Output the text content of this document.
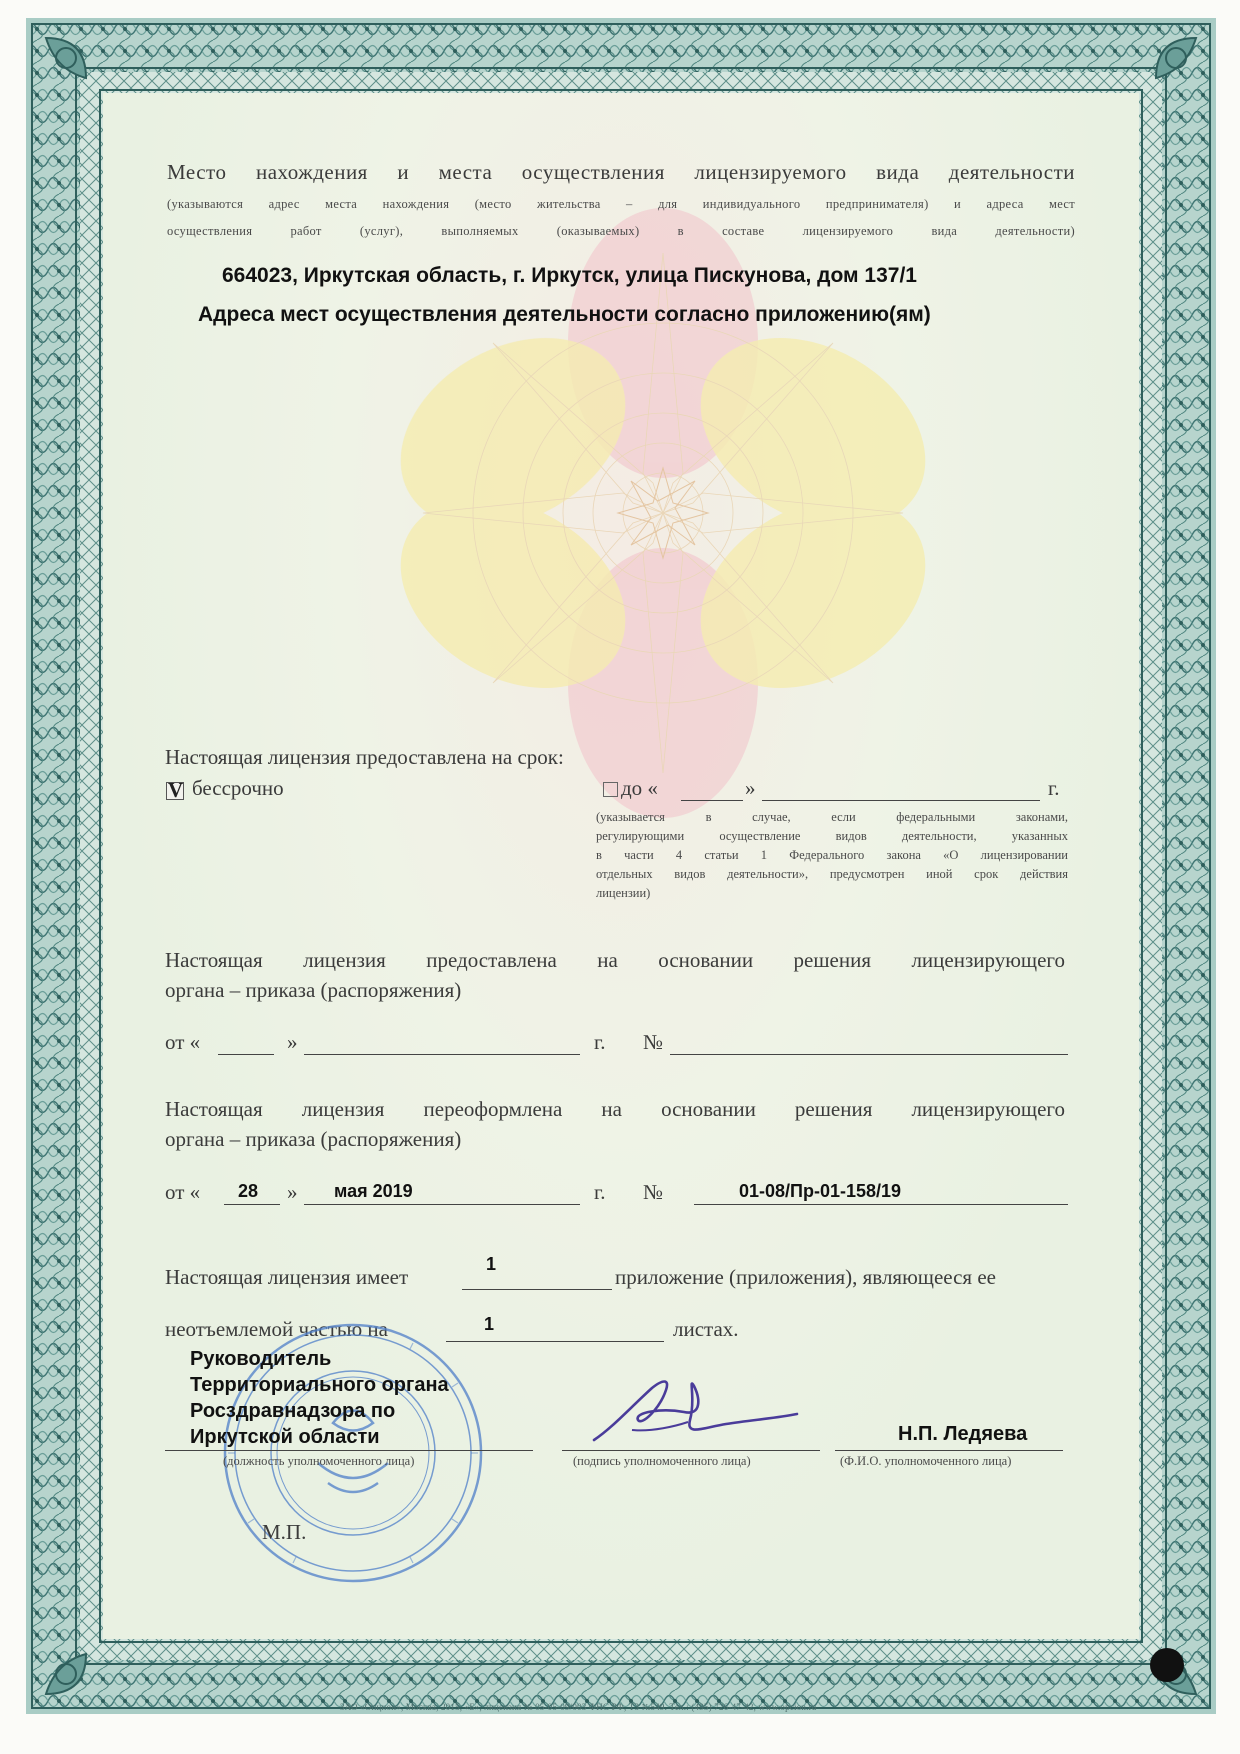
Место нахождения и места осуществления лицензируемого вида деятельности
(указываются адрес места нахождения (место жительства – для индивидуального предпринимателя) и адреса мест
осуществления работ (услуг), выполняемых (оказываемых) в составе лицензируемого вида деятельности)
664023, Иркутская область, г. Иркутск, улица Пискунова, дом 137/1
Адреса мест осуществления деятельности согласно приложению(ям)
Настоящая лицензия предоставлена на срок:
V бессрочно	до «	»	г.
(указывается в случае, если федеральными законами,
регулирующими осуществление видов деятельности, указанных
в части 4 статьи 1 Федерального закона «О лицензировании
отдельных видов деятельности», предусмотрен иной срок действия
лицензии)
Настоящая лицензия предоставлена на основании решения лицензирующего
органа – приказа (распоряжения)
от «	»	г. №
Настоящая лицензия переоформлена на основании решения лицензирующего
органа – приказа (распоряжения)
от « 28 » мая 2019	г. №	01-08/Пр-01-158/19
Настоящая лицензия имеет
1
приложение (приложения), являющееся ее
неотъемлемой частью на	1	листах.
Руководитель
Территориального органа
Росздравнадзора по
Иркутской области	Н.П. Ледяева
(должность уполномоченного лица)	(подпись уполномоченного лица)	(Ф.И.О. уполномоченного лица)
М.П.
ЗАО «Опцион», Москва, 2015, «Б», лицензия № 05-05-09/003 ФНС РФ, ТЗ №549. Тел.: (495) 726-47-42, www.opcion.ru
